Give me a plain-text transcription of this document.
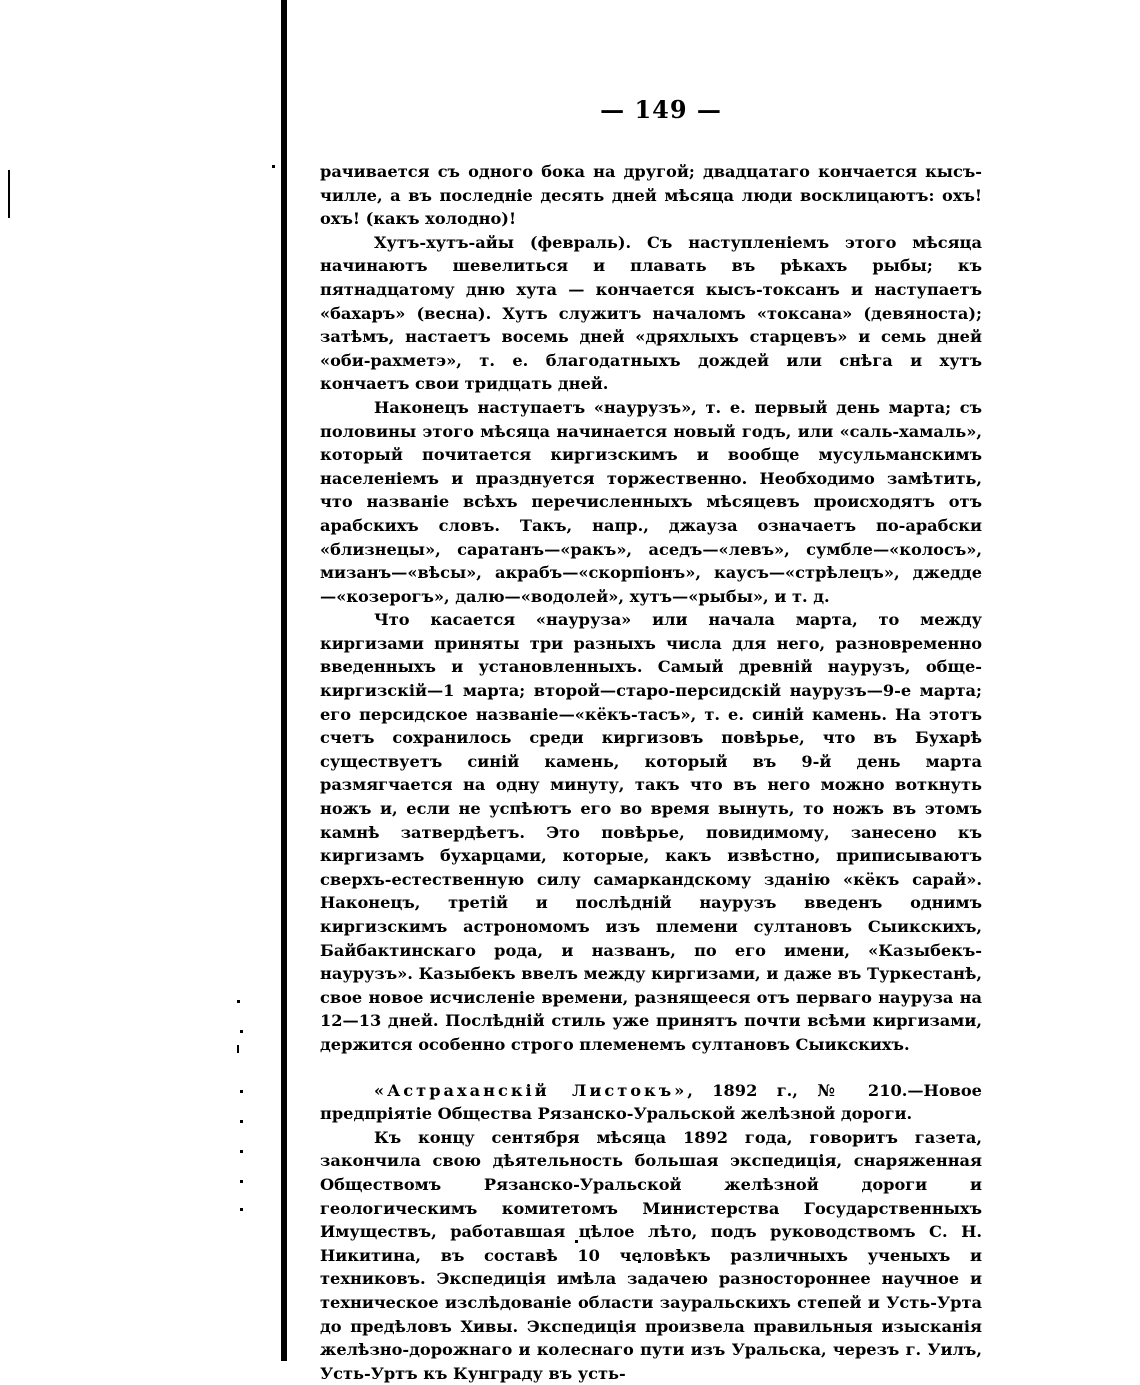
— 149 —

рачивается съ одного бока на другой; двадцатаго кончается кысъ-чилле, а въ последніе десять дней мѣсяца люди восклицаютъ: охъ! охъ! (какъ холодно)!

Хутъ-хутъ-айы (февраль). Съ наступленіемъ этого мѣсяца начинаютъ шевелиться и плавать въ рѣкахъ рыбы; къ пятнадцатому дню хута — кончается кысъ-токсанъ и наступаетъ «бахаръ» (весна). Хутъ служитъ началомъ «токсана» (девяноста); затѣмъ, настаетъ восемь дней «дряхлыхъ старцевъ» и семь дней «оби-рахметэ», т. е. благодатныхъ дождей или снѣга и хутъ кончаетъ свои тридцать дней.

Наконецъ наступаетъ «наурузъ», т. е. первый день марта; съ половины этого мѣсяца начинается новый годъ, или «саль-хамаль», который почитается киргизскимъ и вообще мусульманскимъ населеніемъ и празднуется торжественно. Необходимо замѣтить, что названіе всѣхъ перечисленныхъ мѣсяцевъ происходятъ отъ арабскихъ словъ. Такъ, напр., джауза означаетъ по-арабски «близнецы», саратанъ—«ракъ», аседъ—«левъ», сумбле—«колосъ», мизанъ—«вѣсы», акрабъ—«скорпіонъ», каусъ—«стрѣлецъ», джедде—«козерогъ», далю—«водолей», хутъ—«рыбы», и т. д.

Что касается «науруза» или начала марта, то между киргизами приняты три разныхъ числа для него, разновременно введенныхъ и установленныхъ. Самый древній наурузъ, обще-киргизскій—1 марта; второй—старо-персидскій наурузъ—9-е марта; его персидское названіе—«кёкъ-тасъ», т. е. синій камень. На этотъ счетъ сохранилось среди киргизовъ повѣрье, что въ Бухарѣ существуетъ синій камень, который въ 9-й день марта размягчается на одну минуту, такъ что въ него можно воткнуть ножъ и, если не успѣютъ его во время вынуть, то ножъ въ этомъ камнѣ затвердѣетъ. Это повѣрье, повидимому, занесено къ киргизамъ бухарцами, которые, какъ извѣстно, приписываютъ сверхъ-естественную силу самаркандскому зданію «кёкъ сарай». Наконецъ, третій и послѣдній наурузъ введенъ однимъ киргизскимъ астрономомъ изъ племени султановъ Сыикскихъ, Байбактинскаго рода, и названъ, по его имени, «Казыбекъ-наурузъ». Казыбекъ ввелъ между киргизами, и даже въ Туркестанѣ, свое новое исчисленіе времени, разнящееся отъ перваго науруза на 12—13 дней. Послѣдній стиль уже принятъ почти всѣми киргизами, держится особенно строго племенемъ султановъ Сыикскихъ.

«Астраханскій Листокъ», 1892 г., № 210.—Новое предпріятіе Общества Рязанско-Уральской желѣзной дороги.

Къ концу сентября мѣсяца 1892 года, говоритъ газета, закончила свою дѣятельность большая экспедиція, снаряженная Обществомъ Рязанско-Уральской желѣзной дороги и геологическимъ комитетомъ Министерства Государственныхъ Имуществъ, работавшая цѣлое лѣто, подъ руководствомъ С. Н. Никитина, въ составѣ 10 человѣкъ различныхъ ученыхъ и техниковъ. Экспедиція имѣла задачею разностороннее научное и техническое изслѣдованіе области зауральскихъ степей и Усть-Урта до предѣловъ Хивы. Экспедиція произвела правильныя изысканія желѣзно-дорожнаго и колеснаго пути изъ Уральска, черезъ г. Уилъ, Усть-Уртъ къ Кунграду въ усть-
